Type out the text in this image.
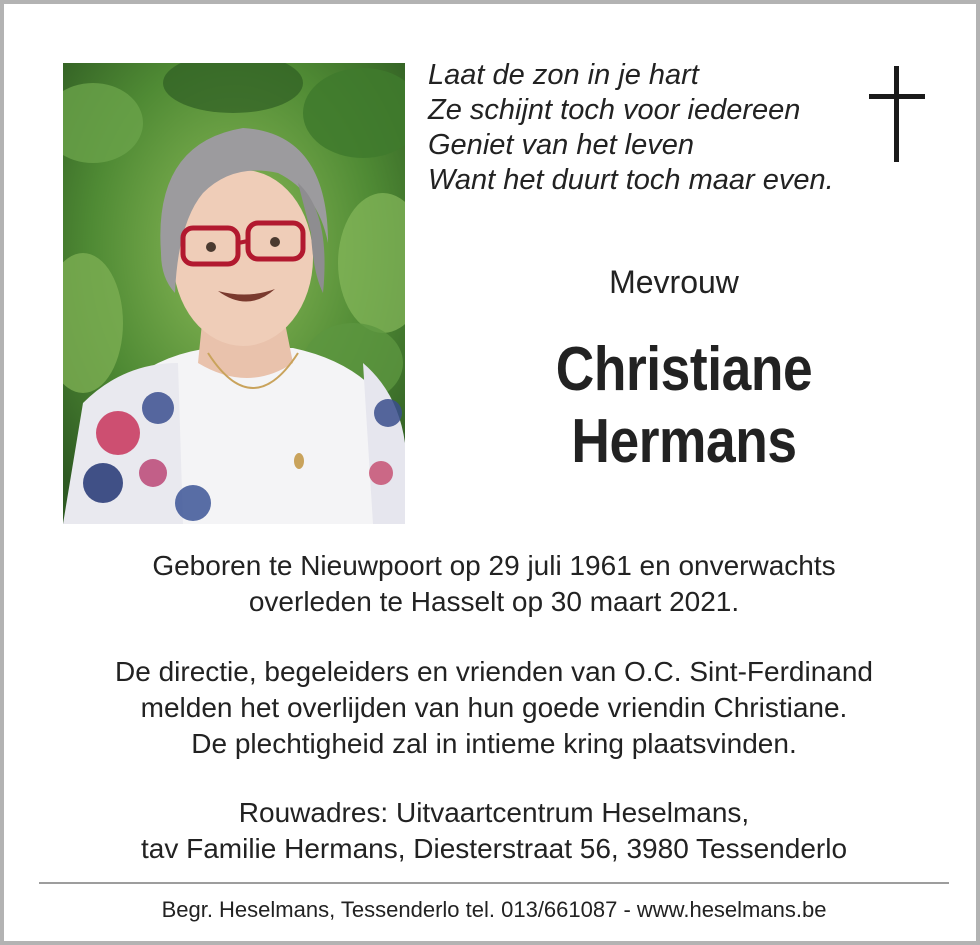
Laat de zon in je hart
Ze schijnt toch voor iedereen
Geniet van het leven
Want het duurt toch maar even.
Mevrouw
Christiane
Hermans
Geboren te Nieuwpoort op 29 juli 1961 en onverwachts
overleden te Hasselt op 30 maart 2021.
De directie, begeleiders en vrienden van O.C. Sint-Ferdinand
melden het overlijden van hun goede vriendin Christiane.
De plechtigheid zal in intieme kring plaatsvinden.
Rouwadres: Uitvaartcentrum Heselmans,
tav Familie Hermans, Diesterstraat 56, 3980 Tessenderlo
Begr. Heselmans, Tessenderlo tel. 013/661087 - www.heselmans.be
